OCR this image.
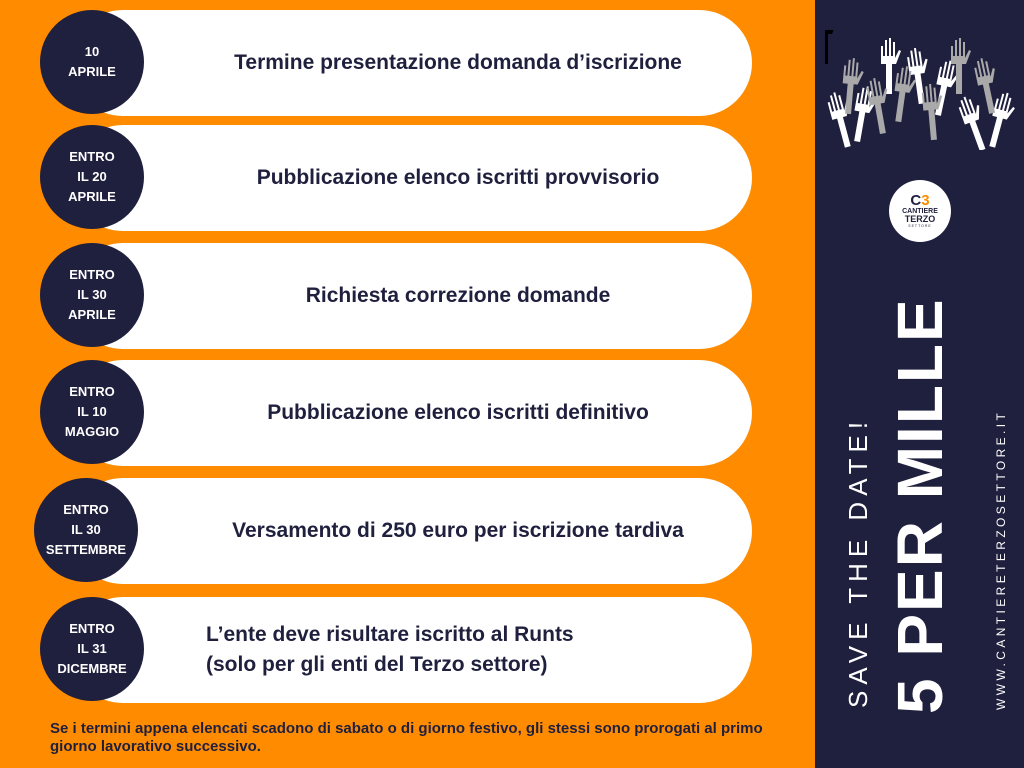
10
APRILE	Termine presentazione domanda d’iscrizione
ENTRO
IL 20
APRILE
Pubblicazione elenco iscritti provvisorio
ENTRO
IL 30
APRILE
Richiesta correzione domande
ENTRO
IL 10
MAGGIO
Pubblicazione elenco iscritti definitivo
ENTRO
IL 30
SETTEMBRE
Versamento di 250 euro per iscrizione tardiva
ENTRO
IL 31
DICEMBRE
L’ente deve risultare iscritto al Runts
(solo per gli enti del Terzo settore)
Se i termini appena elencati scadono di sabato o di giorno festivo, gli stessi sono prorogati al primo giorno lavorativo successivo.
C3
CANTIERE
TERZO
SETTORE
SAVE THE DATE! 5 PER MILLE	WWW.CANTIERETERZOSETTORE.IT
